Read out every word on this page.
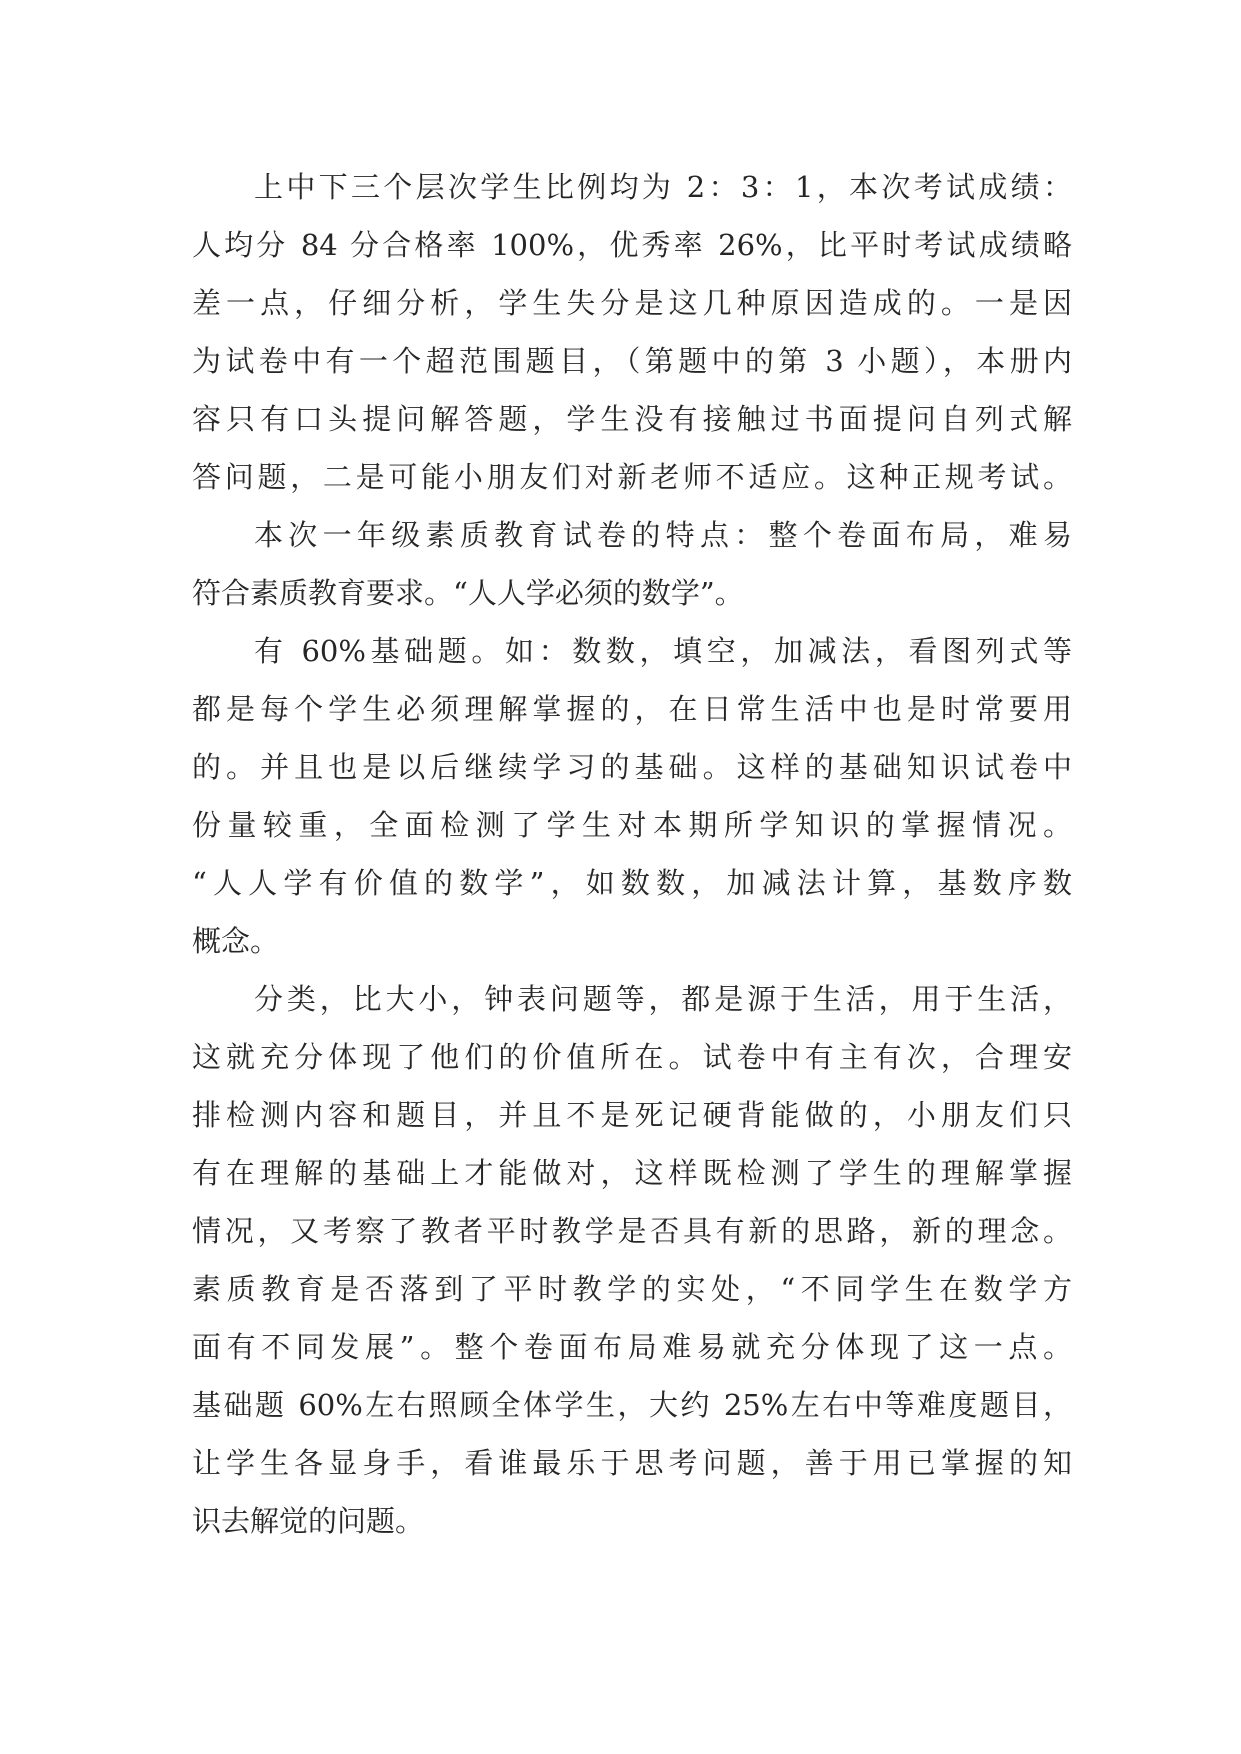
上中下三个层次学生比例均为 2：3：1，本次考试成绩：
人均分 84 分合格率 100%，优秀率 26%，比平时考试成绩略
差一点，仔细分析，学生失分是这几种原因造成的。一是因
为试卷中有一个超范围题目，（第题中的第 3 小题），本册内
容只有口头提问解答题，学生没有接触过书面提问自列式解
答问题，二是可能小朋友们对新老师不适应。这种正规考试。
本次一年级素质教育试卷的特点：整个卷面布局，难易
符合素质教育要求。“人人学必须的数学”。
有 60%基础题。如：数数，填空，加减法，看图列式等
都是每个学生必须理解掌握的，在日常生活中也是时常要用
的。并且也是以后继续学习的基础。这样的基础知识试卷中
份量较重，全面检测了学生对本期所学知识的掌握情况。
“人人学有价值的数学”，如数数，加减法计算，基数序数
概念。
分类，比大小，钟表问题等，都是源于生活，用于生活，
这就充分体现了他们的价值所在。试卷中有主有次，合理安
排检测内容和题目，并且不是死记硬背能做的，小朋友们只
有在理解的基础上才能做对，这样既检测了学生的理解掌握
情况，又考察了教者平时教学是否具有新的思路，新的理念。
素质教育是否落到了平时教学的实处，“不同学生在数学方
面有不同发展”。整个卷面布局难易就充分体现了这一点。
基础题 60%左右照顾全体学生，大约 25%左右中等难度题目，
让学生各显身手，看谁最乐于思考问题，善于用已掌握的知
识去解觉的问题。
